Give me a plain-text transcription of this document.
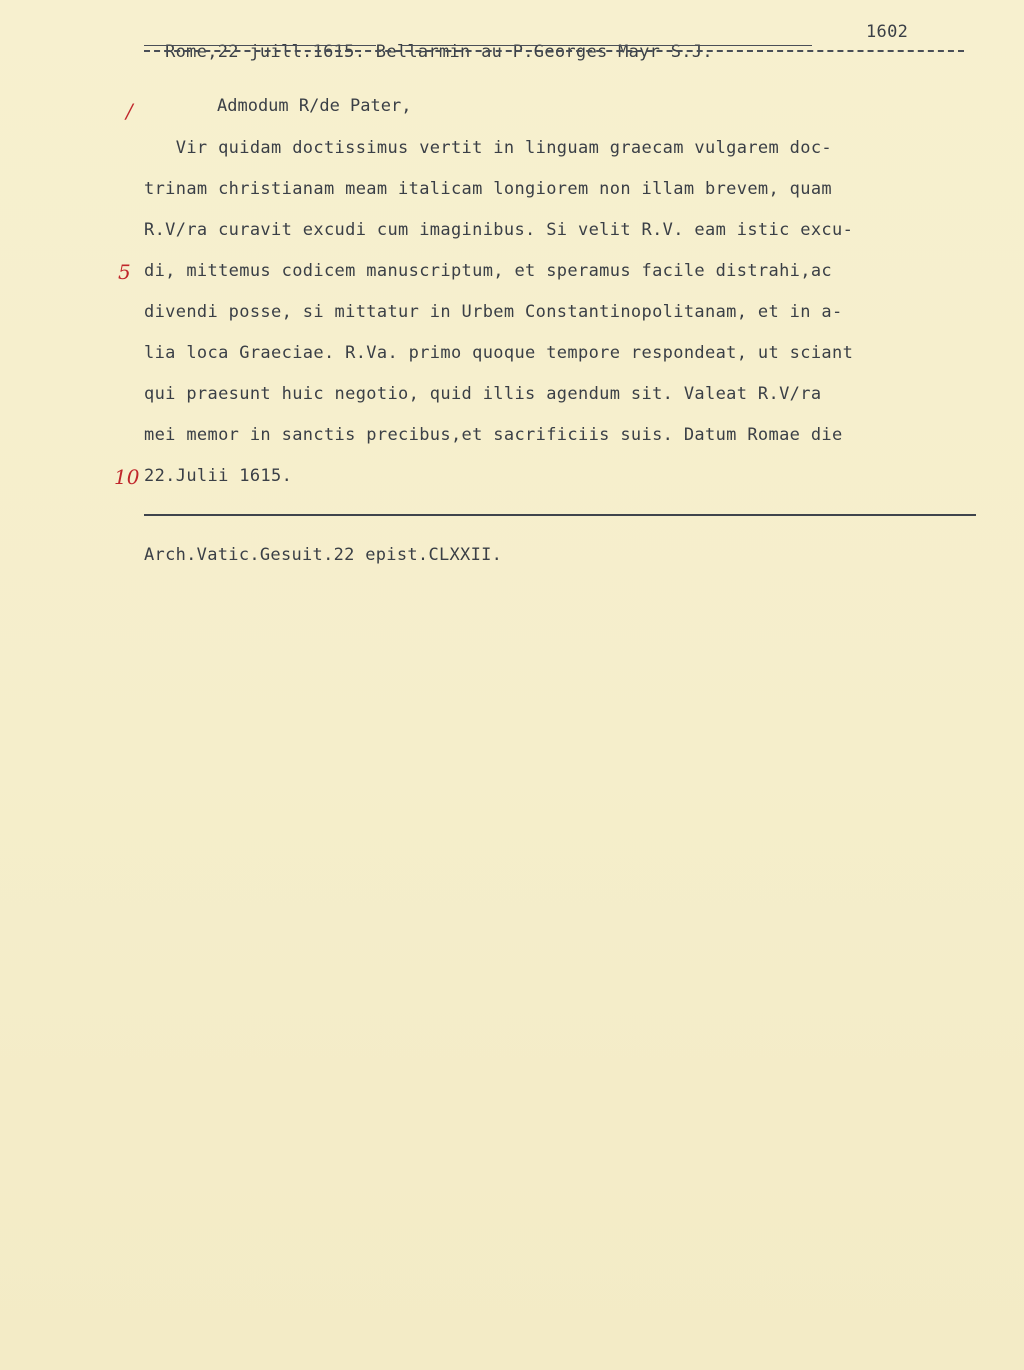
Rome,22 juill.1615. Bellarmin au P.Georges Mayr S.J.

1602

/	Admodum R/de Pater,
Vir quidam doctissimus vertit in linguam graecam vulgarem doc-
trinam christianam meam italicam longiorem non illam brevem, quam
R.V/ra curavit excudi cum imaginibus. Si velit R.V. eam istic excu-
5 di, mittemus codicem manuscriptum, et speramus facile distrahi,ac
divendi posse, si mittatur in Urbem Constantinopolitanam, et in a-
lia loca Graeciae. R.Va. primo quoque tempore respondeat, ut sciant
qui praesunt huic negotio, quid illis agendum sit. Valeat R.V/ra
mei memor in sanctis precibus,et sacrificiis suis. Datum Romae die
10 22.Julii 1615.
Arch.Vatic.Gesuit.22 epist.CLXXII.
